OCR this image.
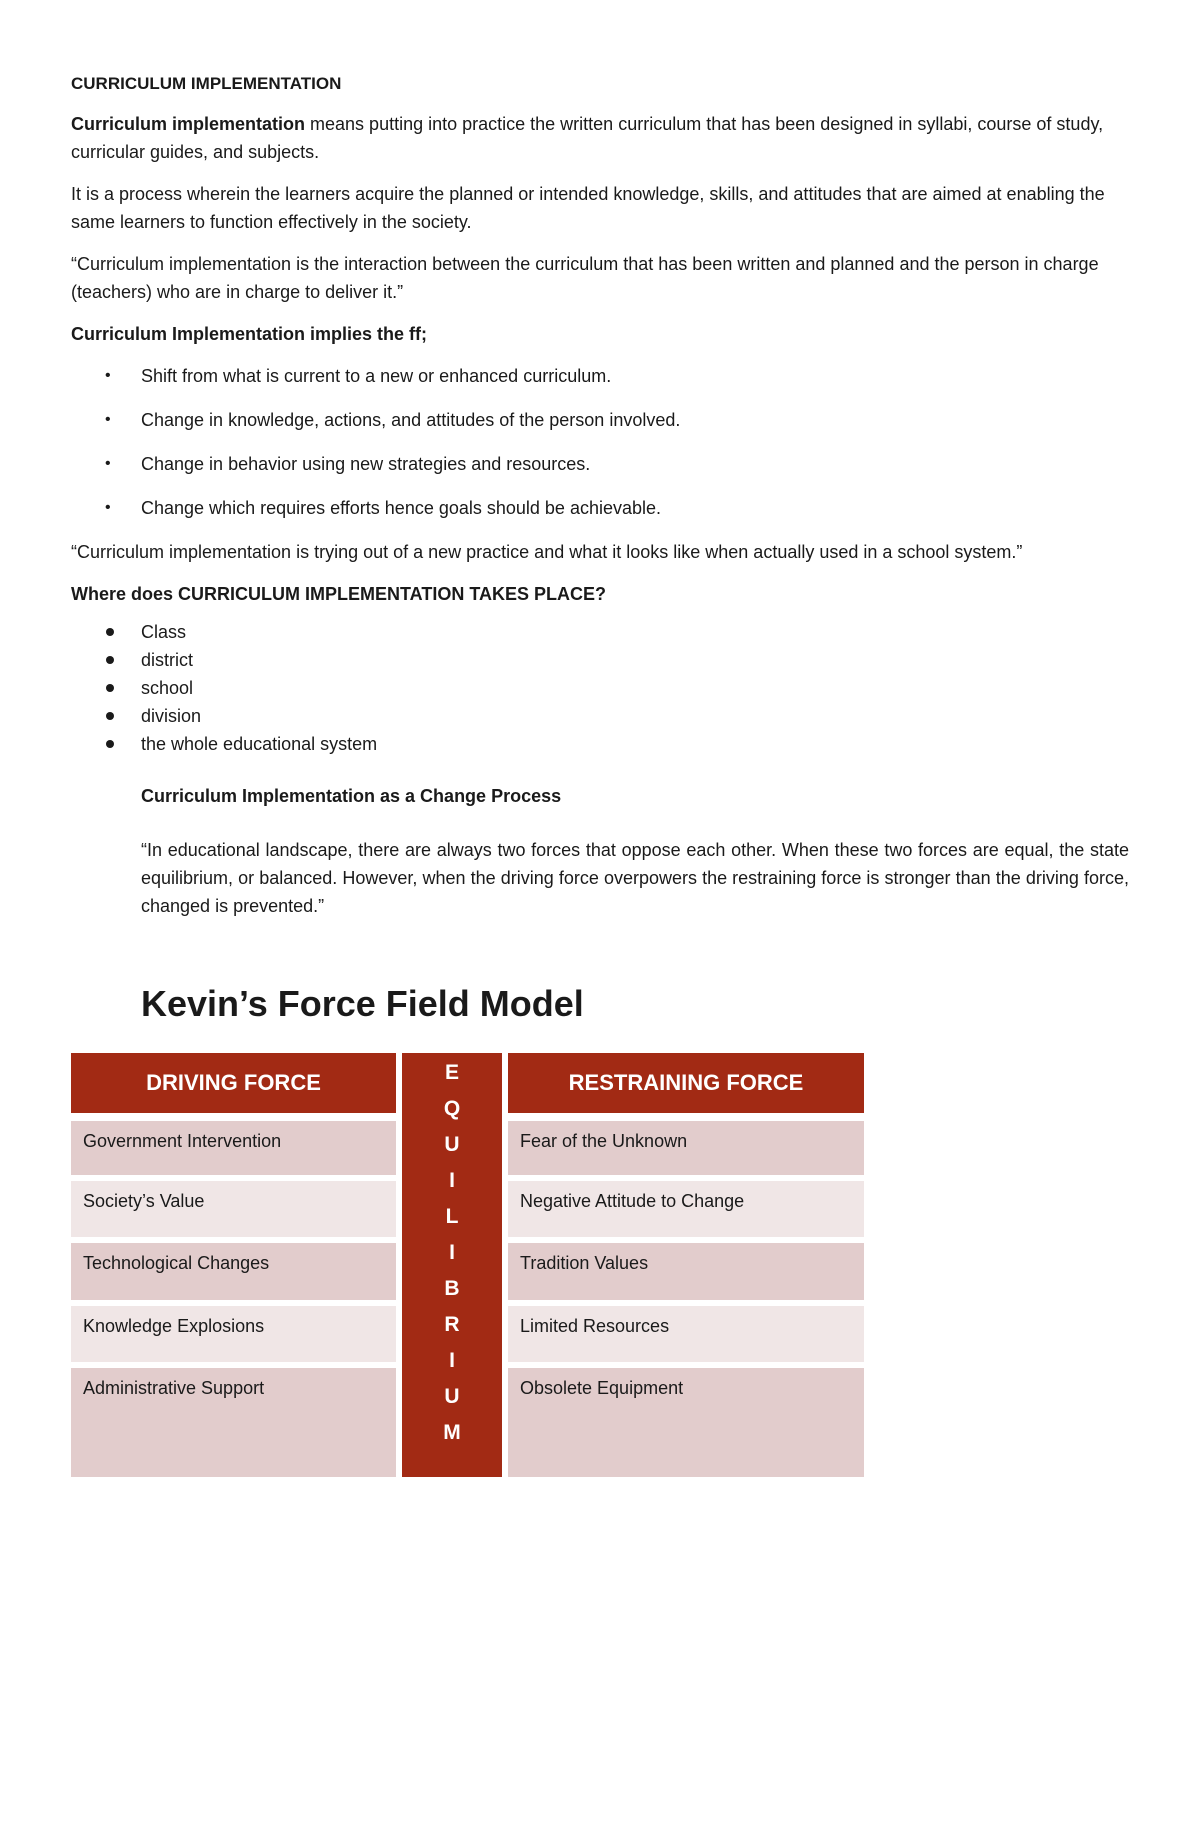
CURRICULUM IMPLEMENTATION

Curriculum implementation means putting into practice the written curriculum that has been designed in syllabi, course of study, curricular guides, and subjects.

It is a process wherein the learners acquire the planned or intended knowledge, skills, and attitudes that are aimed at enabling the same learners to function effectively in the society.

“Curriculum implementation is the interaction between the curriculum that has been written and planned and the person in charge (teachers) who are in charge to deliver it.”

Curriculum Implementation implies the ff;

• Shift from what is current to a new or enhanced curriculum.
• Change in knowledge, actions, and attitudes of the person involved.
• Change in behavior using new strategies and resources.
• Change which requires efforts hence goals should be achievable.

“Curriculum implementation is trying out of a new practice and what it looks like when actually used in a school system.”

Where does CURRICULUM IMPLEMENTATION TAKES PLACE?

Class
district
school
division
the whole educational system

Curriculum Implementation as a Change Process

“In educational landscape, there are always two forces that oppose each other. When these two forces are equal, the state equilibrium, or balanced. However, when the driving force overpowers the restraining force is stronger than the driving force, changed is prevented.”

Kevin’s Force Field Model
DRIVING FORCE	RESTRAINING FORCE
E
Q
U
I
L
I
B
R
I
U
M
Government Intervention
Society’s Value
Technological Changes
Knowledge Explosions
Administrative Support
Fear of the Unknown
Negative Attitude to Change
Tradition Values
Limited Resources
Obsolete Equipment
